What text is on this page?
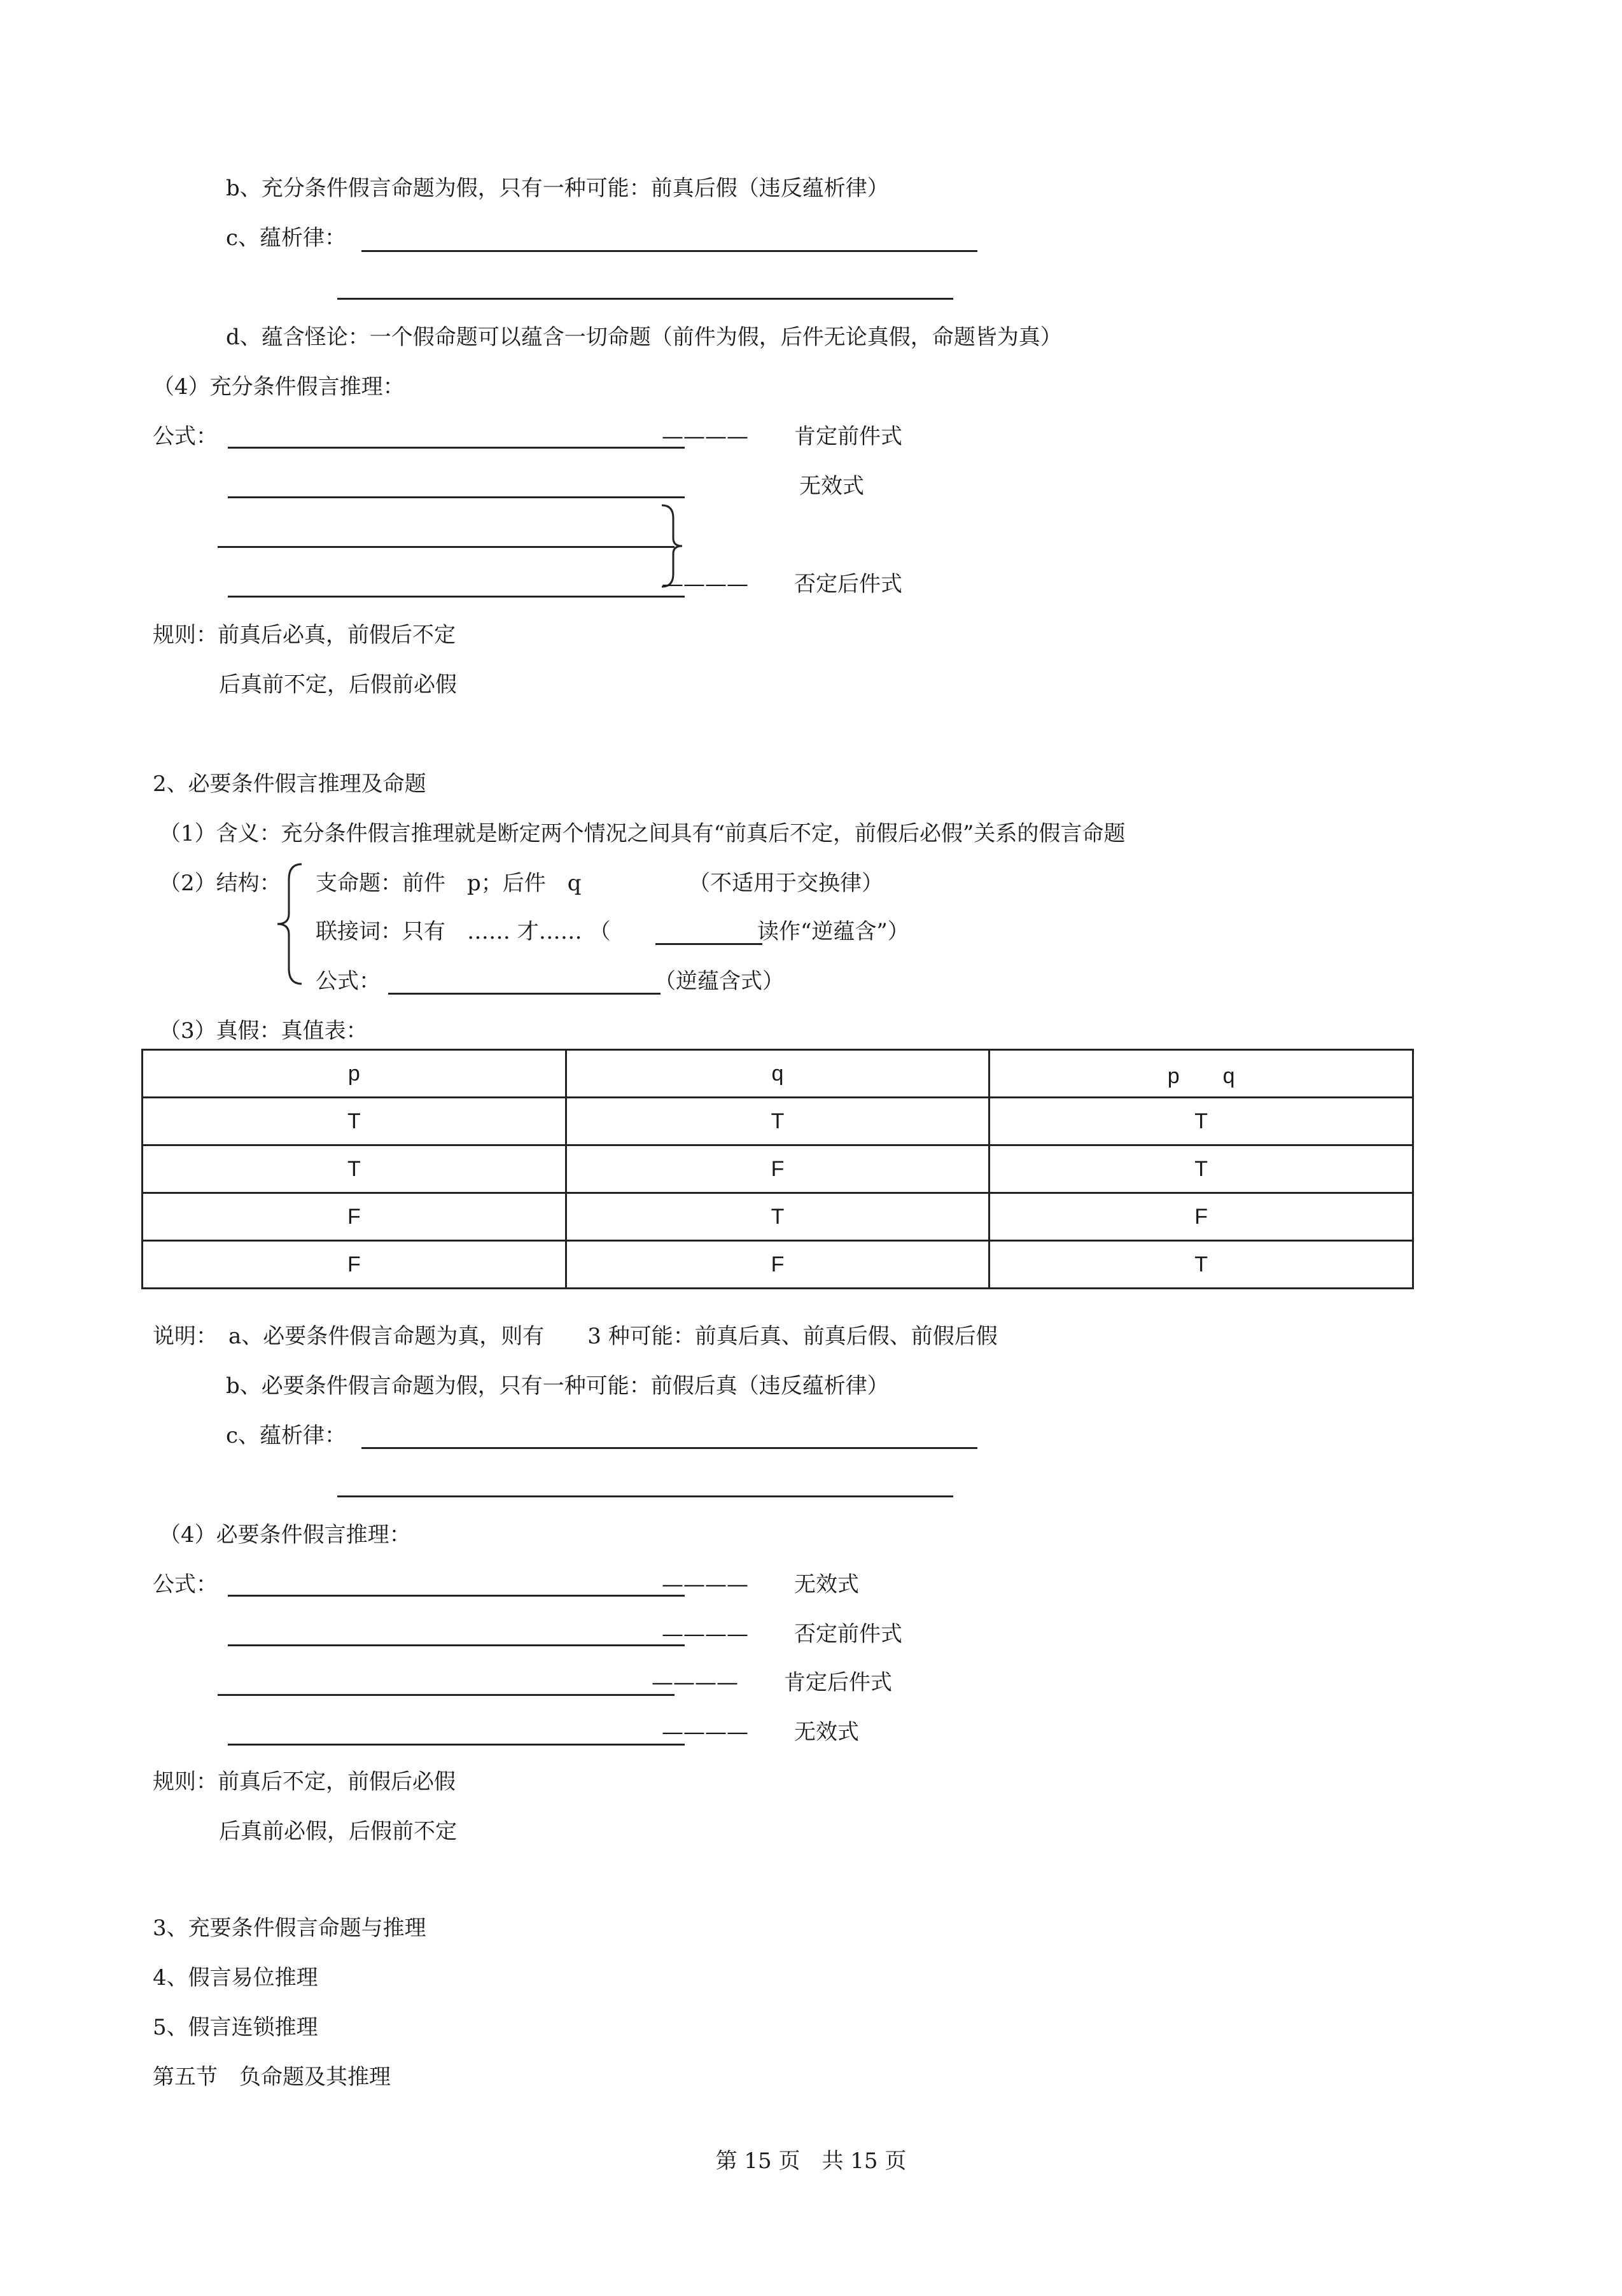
b、充分条件假言命题为假，只有一种可能：前真后假（违反蕴析律）
c、蕴析律：
d、蕴含怪论：一个假命题可以蕴含一切命题（前件为假，后件无论真假，命题皆为真）
（4）充分条件假言推理：
公式：	———— 肯定前件式
无效式
———— 否定后件式
规则：前真后必真，前假后不定
后真前不定，后假前必假
2、必要条件假言推理及命题
（1）含义：充分条件假言推理就是断定两个情况之间具有“前真后不定，前假后必假”关系的假言命题
（2）结构： 支命题：前件　p；后件　q	（不适用于交换律）
联接词：只有　…… 才…… （	读作“逆蕴含”）
公式：	（逆蕴含式）
（3）真假：真值表：
p	q	p　　q
T	T	T
T	F	T
F	T	F
F	F	T
说明：　a、必要条件假言命题为真，则有　　3 种可能：前真后真、前真后假、前假后假
b、必要条件假言命题为假，只有一种可能：前假后真（违反蕴析律）
c、蕴析律：
（4）必要条件假言推理：
公式：	———— 无效式
———— 否定前件式
———— 肯定后件式
———— 无效式
规则：前真后不定，前假后必假
后真前必假，后假前不定
3、充要条件假言命题与推理
4、假言易位推理
5、假言连锁推理
第五节　负命题及其推理
第 15 页　共 15 页
